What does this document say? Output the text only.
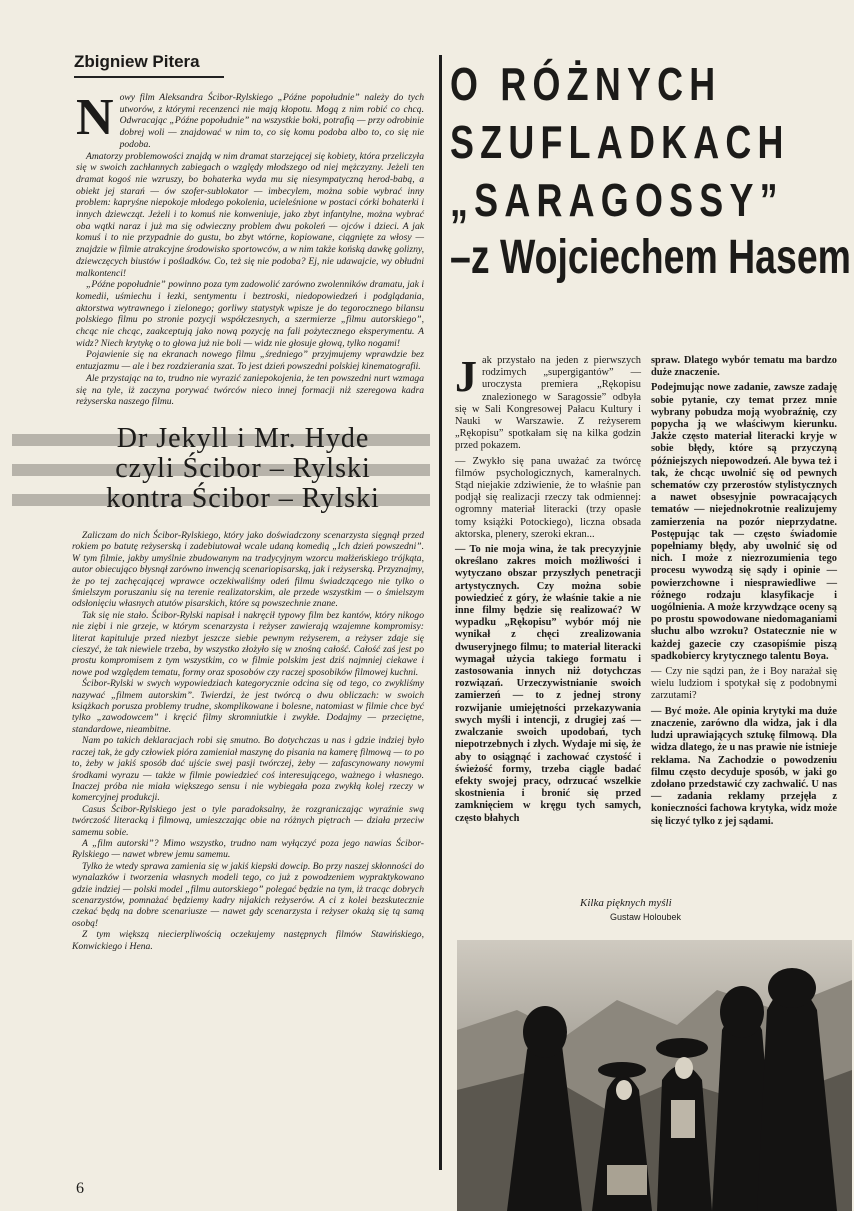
Zbigniew Pitera

Nowy film Aleksandra Ścibor-Rylskiego „Późne popołudnie” należy do tych utworów, z którymi recenzenci nie mają kłopotu. Mogą z nim robić co chcą. Odwracając „Późne popołudnie” na wszystkie boki, potrafią — przy odrobinie dobrej woli — znajdować w nim to, co się komu podoba albo to, co się nie podoba.

Amatorzy problemowości znajdą w nim dramat starzejącej się kobiety, która przeliczyła się w swoich zachłannych zabiegach o względy młodszego od niej mężczyzny. Jeżeli ten dramat kogoś nie wzruszy, bo bohaterka wyda mu się niesympatyczną herod-babą, a obiekt jej starań — ów szofer-sublokator — imbecylem, można sobie wybrać inny problem: kapryśne niepokoje młodego pokolenia, ucieleśnione w postaci córki bohaterki i innych dziewcząt. Jeżeli i to komuś nie konweniuje, jako zbyt infantylne, można wybrać oba wątki naraz i już ma się odwieczny problem dwu pokoleń — ojców i dzieci. A jak komuś i to nie przypadnie do gustu, bo zbyt wtórne, kopiowane, ciągnięte za włosy — znajdzie w filmie atrakcyjne środowisko sportowców, a w nim także końską dawkę golizny, dziewczęcych biustów i pośladków. Co, też się nie podoba? Ej, nie udawajcie, wy obłudni malkontenci!

„Późne popołudnie” powinno poza tym zadowolić zarówno zwolenników dramatu, jak i komedii, uśmiechu i łezki, sentymentu i beztroski, niedopowiedzeń i podglądania, aktorstwa wytrawnego i zielonego; gorliwy statystyk wpisze je do tegorocznego bilansu polskiego filmu po stronie pozycji współczesnych, a szermierze „filmu autorskiego”, chcąc nie chcąc, zaakceptują jako nową pozycję na fali pożytecznego eksperymentu. A widz? Niech krytykę o to głowa już nie boli — widz nie głosuje głową, tylko nogami!

Pojawienie się na ekranach nowego filmu „średniego” przyjmujemy wprawdzie bez entuzjazmu — ale i bez rozdzierania szat. To jest dzień powszedni polskiej kinematografii.

Ale przystając na to, trudno nie wyrazić zaniepokojenia, że ten powszedni nurt wzmaga się na tyle, iż zaczyna porywać twórców nieco innej formacji niż szeregowa kadra reżyserska naszego filmu.

Dr Jekyll i Mr. Hyde
czyli Ścibor – Rylski
kontra Ścibor – Rylski

Zaliczam do nich Ścibor-Rylskiego, który jako doświadczony scenarzysta sięgnął przed rokiem po batutę reżyserską i zadebiutował wcale udaną komedią „Ich dzień powszedni”. W tym filmie, jakby umyślnie zbudowanym na tradycyjnym wzorcu małżeńskiego trójkąta, autor obiecująco błysnął zarówno inwencją scenariopisarską, jak i reżyserską. Przyznajmy, że po tej zachęcającej wprawce oczekiwaliśmy odeń filmu świadczącego nie tylko o śmielszym poruszaniu się na terenie realizatorskim, ale przede wszystkim — o śmielszym odsłonięciu własnych atutów pisarskich, które są powszechnie znane.

Tak się nie stało. Ścibor-Rylski napisał i nakręcił typowy film bez kantów, który nikogo nie ziębi i nie grzeje, w którym scenarzysta i reżyser zawierają wzajemne kompromisy: literat kapituluje przed niezbyt jeszcze siebie pewnym reżyserem, a reżyser zdaje się cieszyć, że tak niewiele trzeba, by wszystko złożyło się w znośną całość. Całość zaś jest po prostu kompromisem z tym wszystkim, co w filmie polskim jest dziś najmniej ciekawe i nowe pod względem tematu, formy oraz sposobów czy raczej sposobików filmowej kuchni.

Ścibor-Rylski w swych wypowiedziach kategorycznie odcina się od tego, co zwykliśmy nazywać „filmem autorskim”. Twierdzi, że jest twórcą o dwu obliczach: w swoich książkach porusza problemy trudne, skomplikowane i bolesne, natomiast w filmie chce być tylko „zawodowcem” i kręcić filmy skromniutkie i zwykłe. Dodajmy — przeciętne, standardowe, nieambitne.

Nam po takich deklaracjach robi się smutno. Bo dotychczas u nas i gdzie indziej było raczej tak, że gdy człowiek pióra zamieniał maszynę do pisania na kamerę filmową — to po to, żeby w jakiś sposób dać ujście swej pasji twórczej, żeby — zafascynowany nowymi środkami wyrazu — także w filmie powiedzieć coś interesującego, ważnego i własnego. Inaczej próba nie miała większego sensu i nie wybiegała poza zwykłą kolej rzeczy w komercyjnej produkcji.

Casus Ścibor-Rylskiego jest o tyle paradoksalny, że rozgraniczając wyraźnie swą twórczość literacką i filmową, umieszczając obie na różnych piętrach — działa przeciw samemu sobie.

A „film autorski”? Mimo wszystko, trudno nam wyłączyć poza jego nawias Ścibor-Rylskiego — nawet wbrew jemu samemu.

Tylko że wtedy sprawa zamienia się w jakiś kiepski dowcip. Bo przy naszej skłonności do wynalazków i tworzenia własnych modeli tego, co już z powodzeniem wypraktykowano gdzie indziej — polski model „filmu autorskiego” polegać będzie na tym, iż tracąc dobrych scenarzystów, pomnażać będziemy kadry nijakich reżyserów. A ci z kolei bezskutecznie czekać będą na dobre scenariusze — nawet gdy scenarzysta i reżyser okażą się tą samą osobą!

Z tym większą niecierpliwością oczekujemy następnych filmów Stawińskiego, Konwickiego i Hena.

6
O RÓŻNYCH
SZUFLADKACH
„SARAGOSSY”
–z Wojciechem Hasem

Jak przystało na jeden z pierwszych rodzimych „supergigantów” — uroczysta premiera „Rękopisu znalezionego w Saragossie” odbyła się w Sali Kongresowej Pałacu Kultury i Nauki w Warszawie. Z reżyserem „Rękopisu” spotkałam się na kilka godzin przed pokazem.

— Zwykło się pana uważać za twórcę filmów psychologicznych, kameralnych. Stąd niejakie zdziwienie, że to właśnie pan podjął się realizacji rzeczy tak odmiennej: ogromny materiał literacki (trzy opasłe tomy książki Potockiego), liczna obsada aktorska, plenery, szeroki ekran...

— To nie moja wina, że tak precyzyjnie określano zakres moich możliwości i wytyczano obszar przyszłych penetracji artystycznych. Czy można sobie powiedzieć z góry, że właśnie takie a nie inne filmy będzie się realizować? W wypadku „Rękopisu” wybór mój nie wynikał z chęci zrealizowania dwuseryjnego filmu; to materiał literacki wymagał użycia takiego formatu i zastosowania innych niż dotychczas rozwiązań. Urzeczywistnianie swoich zamierzeń — to z jednej strony rozwijanie umiejętności przekazywania swych myśli i intencji, z drugiej zaś — zwalczanie swoich upodobań, tych niepotrzebnych i złych. Wydaje mi się, że aby to osiągnąć i zachować czystość i świeżość formy, trzeba ciągle badać efekty swojej pracy, odrzucać wszelkie skostnienia i bronić się przed zamknięciem w kręgu tych samych, często błahych

spraw. Dlatego wybór tematu ma bardzo duże znaczenie.

Podejmując nowe zadanie, zawsze zadaję sobie pytanie, czy temat przez mnie wybrany pobudza moją wyobraźnię, czy popycha ją we właściwym kierunku. Jakże często materiał literacki kryje w sobie błędy, które są przyczyną późniejszych niepowodzeń. Ale bywa też i tak, że chcąc uwolnić się od pewnych schematów czy przerostów stylistycznych a nawet obsesyjnie powracających tematów — niejednokrotnie realizujemy zamierzenia na pozór nieprzydatne. Postępując tak — często świadomie popełniamy błędy, aby uwolnić się od nich. I może z niezrozumienia tego procesu wywodzą się sądy i opinie — powierzchowne i niesprawiedliwe — różnego rodzaju klasyfikacje i uogólnienia. A może krzywdzące oceny są po prostu spowodowane niedomaganiami słuchu albo wzroku? Ostatecznie nie w każdej gazecie czy czasopiśmie piszą spadkobiercy krytycznego talentu Boya.

— Czy nie sądzi pan, że i Boy narażał się wielu ludziom i spotykał się z podobnymi zarzutami?

— Być może. Ale opinia krytyki ma duże znaczenie, zarówno dla widza, jak i dla ludzi uprawiających sztukę filmową. Dla widza dlatego, że u nas prawie nie istnieje reklama. Na Zachodzie o powodzeniu filmu często decyduje sposób, w jaki go zdołano przedstawić czy zachwalić. U nas — zadania reklamy przejęła z konieczności fachowa krytyka, widz może się liczyć tylko z jej sądami.

Kilka pięknych myśli
Gustaw Holoubek
